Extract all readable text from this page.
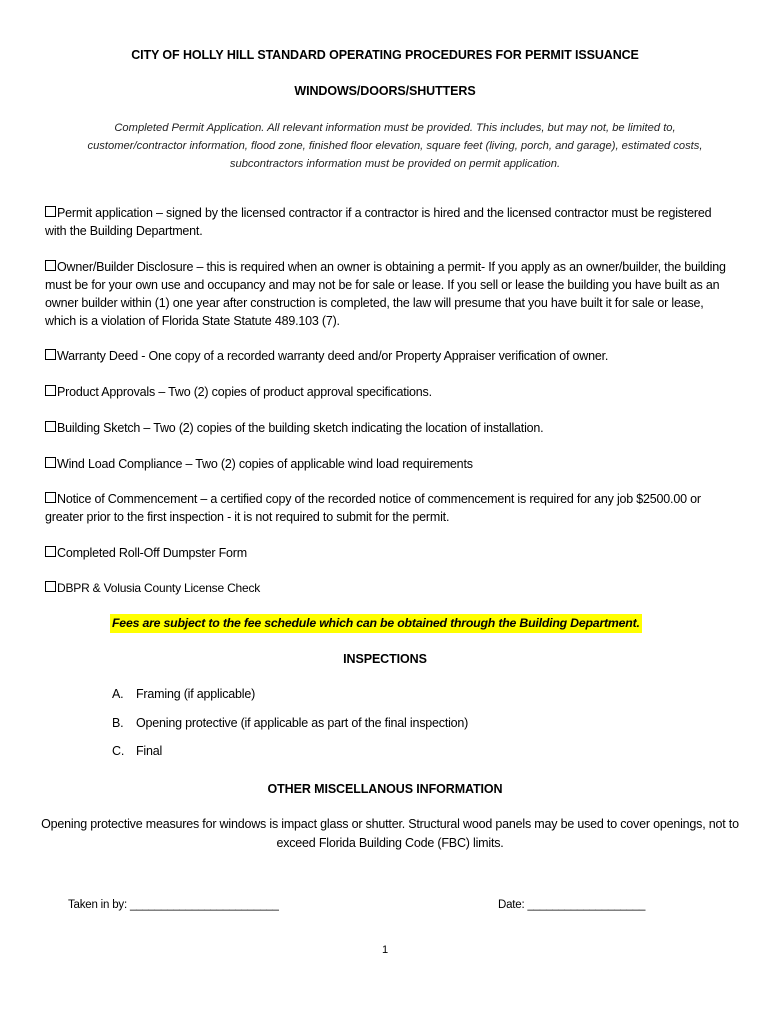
CITY OF HOLLY HILL STANDARD OPERATING PROCEDURES FOR PERMIT ISSUANCE
WINDOWS/DOORS/SHUTTERS
Completed Permit Application. All relevant information must be provided. This includes, but may not, be limited to, customer/contractor information, flood zone, finished floor elevation, square feet (living, porch, and garage), estimated costs, subcontractors information must be provided on permit application.
Permit application – signed by the licensed contractor if a contractor is hired and the licensed contractor must be registered with the Building Department.
Owner/Builder Disclosure – this is required when an owner is obtaining a permit- If you apply as an owner/builder, the building must be for your own use and occupancy and may not be for sale or lease. If you sell or lease the building you have built as an owner builder within (1) one year after construction is completed, the law will presume that you have built it for sale or lease, which is a violation of Florida State Statute 489.103 (7).
Warranty Deed - One copy of a recorded warranty deed and/or Property Appraiser verification of owner.
Product Approvals – Two (2) copies of product approval specifications.
Building Sketch – Two (2) copies of the building sketch indicating the location of installation.
Wind Load Compliance – Two (2) copies of applicable wind load requirements
Notice of Commencement – a certified copy of the recorded notice of commencement is required for any job $2500.00 or greater prior to the first inspection - it is not required to submit for the permit.
Completed Roll-Off Dumpster Form
DBPR & Volusia County License Check
Fees are subject to the fee schedule which can be obtained through the Building Department.
INSPECTIONS
A. Framing (if applicable)
B. Opening protective (if applicable as part of the final inspection)
C. Final
OTHER MISCELLANOUS INFORMATION
Opening protective measures for windows is impact glass or shutter. Structural wood panels may be used to cover openings, not to exceed Florida Building Code (FBC) limits.
Taken in by: ________________________	Date: ___________________
1
